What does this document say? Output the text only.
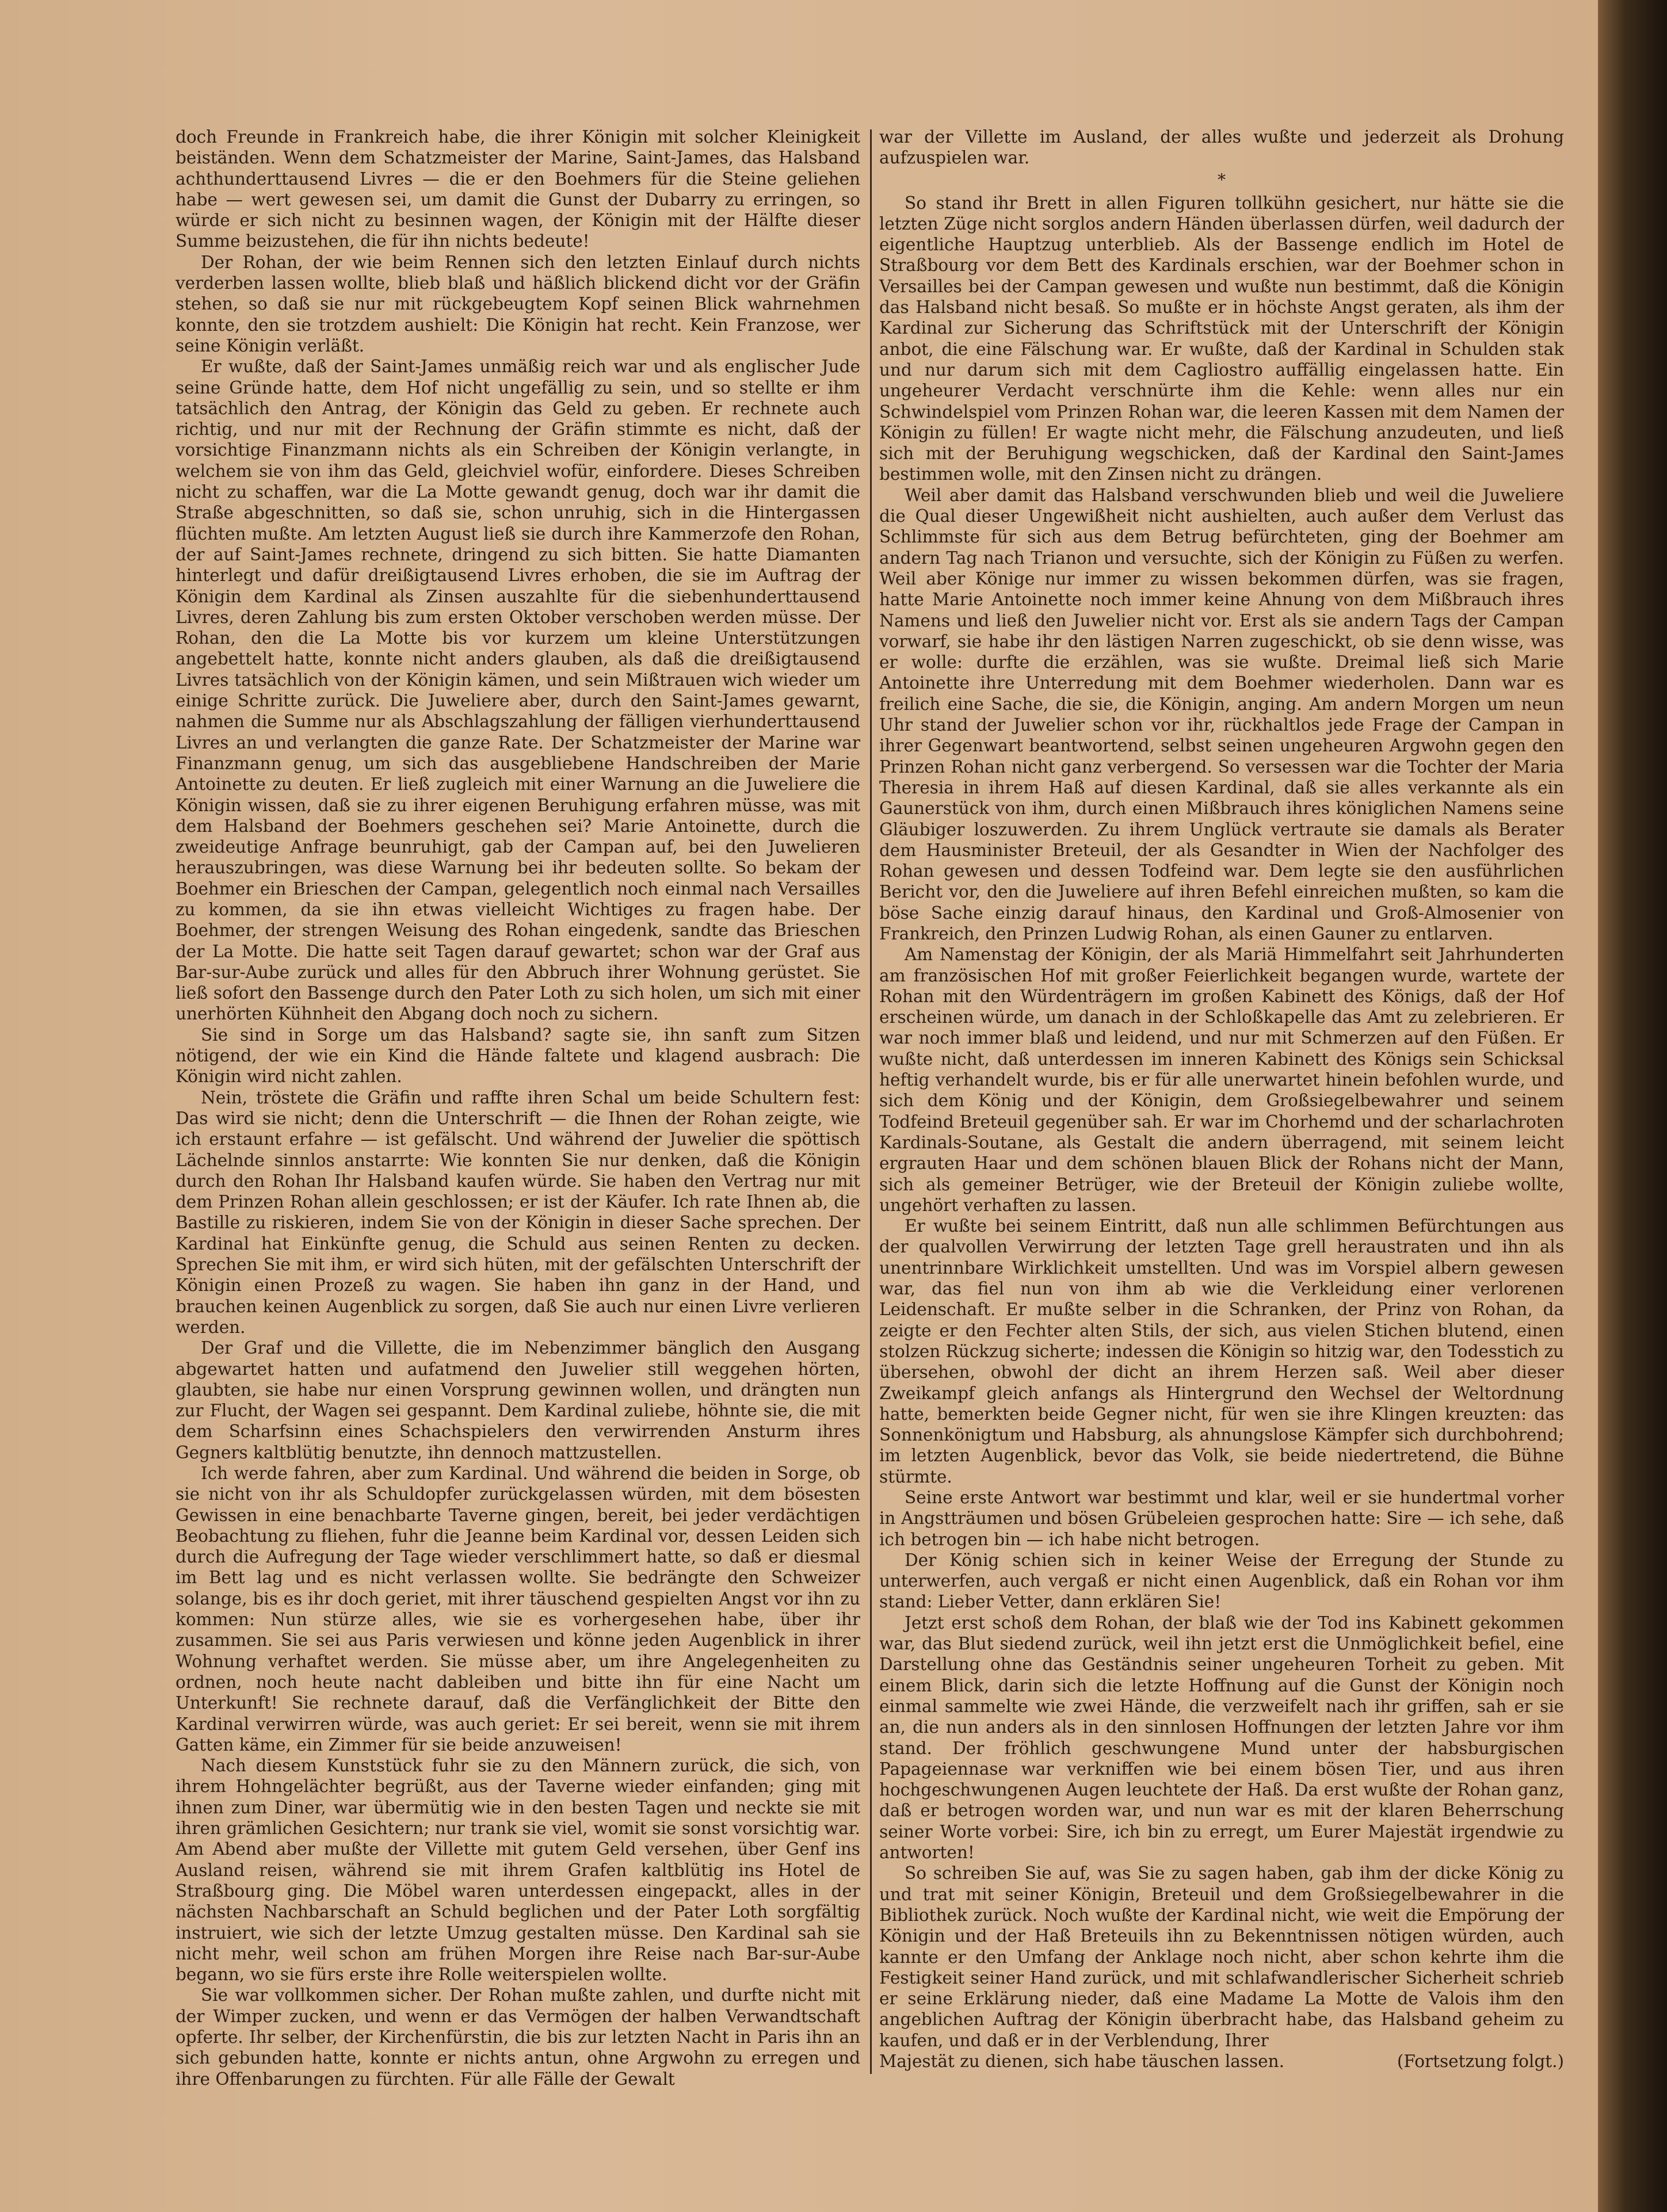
doch Freunde in Frankreich habe, die ihrer Königin mit solcher Kleinigkeit beiständen. Wenn dem Schatzmeister der Marine, Saint-James, das Halsband achthunderttausend Livres — die er den Boehmers für die Steine geliehen habe — wert gewesen sei, um damit die Gunst der Dubarry zu erringen, so würde er sich nicht zu besinnen wagen, der Königin mit der Hälfte dieser Summe beizustehen, die für ihn nichts bedeute!

Der Rohan, der wie beim Rennen sich den letzten Einlauf durch nichts verderben lassen wollte, blieb blaß und häßlich blickend dicht vor der Gräfin stehen, so daß sie nur mit rückgebeugtem Kopf seinen Blick wahrnehmen konnte, den sie trotzdem aushielt: Die Königin hat recht. Kein Franzose, wer seine Königin verläßt.

Er wußte, daß der Saint-James unmäßig reich war und als englischer Jude seine Gründe hatte, dem Hof nicht ungefällig zu sein, und so stellte er ihm tatsächlich den Antrag, der Königin das Geld zu geben. Er rechnete auch richtig, und nur mit der Rechnung der Gräfin stimmte es nicht, daß der vorsichtige Finanzmann nichts als ein Schreiben der Königin verlangte, in welchem sie von ihm das Geld, gleichviel wofür, einfordere. Dieses Schreiben nicht zu schaffen, war die La Motte gewandt genug, doch war ihr damit die Straße abgeschnitten, so daß sie, schon unruhig, sich in die Hintergassen flüchten mußte. Am letzten August ließ sie durch ihre Kammerzofe den Rohan, der auf Saint-James rechnete, dringend zu sich bitten. Sie hatte Diamanten hinterlegt und dafür dreißigtausend Livres erhoben, die sie im Auftrag der Königin dem Kardinal als Zinsen auszahlte für die siebenhunderttausend Livres, deren Zahlung bis zum ersten Oktober verschoben werden müsse. Der Rohan, den die La Motte bis vor kurzem um kleine Unterstützungen angebettelt hatte, konnte nicht anders glauben, als daß die dreißigtausend Livres tatsächlich von der Königin kämen, und sein Mißtrauen wich wieder um einige Schritte zurück. Die Juweliere aber, durch den Saint-James gewarnt, nahmen die Summe nur als Abschlagszahlung der fälligen vierhunderttausend Livres an und verlangten die ganze Rate. Der Schatzmeister der Marine war Finanzmann genug, um sich das ausgebliebene Handschreiben der Marie Antoinette zu deuten. Er ließ zugleich mit einer Warnung an die Juweliere die Königin wissen, daß sie zu ihrer eigenen Beruhigung erfahren müsse, was mit dem Halsband der Boehmers geschehen sei? Marie Antoinette, durch die zweideutige Anfrage beunruhigt, gab der Campan auf, bei den Juwelieren herauszubringen, was diese Warnung bei ihr bedeuten sollte. So bekam der Boehmer ein Brieschen der Campan, gelegentlich noch einmal nach Versailles zu kommen, da sie ihn etwas vielleicht Wichtiges zu fragen habe. Der Boehmer, der strengen Weisung des Rohan eingedenk, sandte das Brieschen der La Motte. Die hatte seit Tagen darauf gewartet; schon war der Graf aus Bar-sur-Aube zurück und alles für den Abbruch ihrer Wohnung gerüstet. Sie ließ sofort den Bassenge durch den Pater Loth zu sich holen, um sich mit einer unerhörten Kühnheit den Abgang doch noch zu sichern.

Sie sind in Sorge um das Halsband? sagte sie, ihn sanft zum Sitzen nötigend, der wie ein Kind die Hände faltete und klagend ausbrach: Die Königin wird nicht zahlen.

Nein, tröstete die Gräfin und raffte ihren Schal um beide Schultern fest: Das wird sie nicht; denn die Unterschrift — die Ihnen der Rohan zeigte, wie ich erstaunt erfahre — ist gefälscht. Und während der Juwelier die spöttisch Lächelnde sinnlos anstarrte: Wie konnten Sie nur denken, daß die Königin durch den Rohan Ihr Halsband kaufen würde. Sie haben den Vertrag nur mit dem Prinzen Rohan allein geschlossen; er ist der Käufer. Ich rate Ihnen ab, die Bastille zu riskieren, indem Sie von der Königin in dieser Sache sprechen. Der Kardinal hat Einkünfte genug, die Schuld aus seinen Renten zu decken. Sprechen Sie mit ihm, er wird sich hüten, mit der gefälschten Unterschrift der Königin einen Prozeß zu wagen. Sie haben ihn ganz in der Hand, und brauchen keinen Augenblick zu sorgen, daß Sie auch nur einen Livre verlieren werden.

Der Graf und die Villette, die im Nebenzimmer bänglich den Ausgang abgewartet hatten und aufatmend den Juwelier still weggehen hörten, glaubten, sie habe nur einen Vorsprung gewinnen wollen, und drängten nun zur Flucht, der Wagen sei gespannt. Dem Kardinal zuliebe, höhnte sie, die mit dem Scharfsinn eines Schachspielers den verwirrenden Ansturm ihres Gegners kaltblütig benutzte, ihn dennoch mattzustellen.

Ich werde fahren, aber zum Kardinal. Und während die beiden in Sorge, ob sie nicht von ihr als Schuldopfer zurückgelassen würden, mit dem bösesten Gewissen in eine benachbarte Taverne gingen, bereit, bei jeder verdächtigen Beobachtung zu fliehen, fuhr die Jeanne beim Kardinal vor, dessen Leiden sich durch die Aufregung der Tage wieder verschlimmert hatte, so daß er diesmal im Bett lag und es nicht verlassen wollte. Sie bedrängte den Schweizer solange, bis es ihr doch geriet, mit ihrer täuschend gespielten Angst vor ihn zu kommen: Nun stürze alles, wie sie es vorhergesehen habe, über ihr zusammen. Sie sei aus Paris verwiesen und könne jeden Augenblick in ihrer Wohnung verhaftet werden. Sie müsse aber, um ihre Angelegenheiten zu ordnen, noch heute nacht dableiben und bitte ihn für eine Nacht um Unterkunft! Sie rechnete darauf, daß die Verfänglichkeit der Bitte den Kardinal verwirren würde, was auch geriet: Er sei bereit, wenn sie mit ihrem Gatten käme, ein Zimmer für sie beide anzuweisen!

Nach diesem Kunststück fuhr sie zu den Männern zurück, die sich, von ihrem Hohngelächter begrüßt, aus der Taverne wieder einfanden; ging mit ihnen zum Diner, war übermütig wie in den besten Tagen und neckte sie mit ihren grämlichen Gesichtern; nur trank sie viel, womit sie sonst vorsichtig war. Am Abend aber mußte der Villette mit gutem Geld versehen, über Genf ins Ausland reisen, während sie mit ihrem Grafen kaltblütig ins Hotel de Straßbourg ging. Die Möbel waren unterdessen eingepackt, alles in der nächsten Nachbarschaft an Schuld beglichen und der Pater Loth sorgfältig instruiert, wie sich der letzte Umzug gestalten müsse. Den Kardinal sah sie nicht mehr, weil schon am frühen Morgen ihre Reise nach Bar-sur-Aube begann, wo sie fürs erste ihre Rolle weiterspielen wollte.

Sie war vollkommen sicher. Der Rohan mußte zahlen, und durfte nicht mit der Wimper zucken, und wenn er das Vermögen der halben Verwandtschaft opferte. Ihr selber, der Kirchenfürstin, die bis zur letzten Nacht in Paris ihn an sich gebunden hatte, konnte er nichts antun, ohne Argwohn zu erregen und ihre Offenbarungen zu fürchten. Für alle Fälle der Gewalt

war der Villette im Ausland, der alles wußte und jederzeit als Drohung aufzuspielen war.

*

So stand ihr Brett in allen Figuren tollkühn gesichert, nur hätte sie die letzten Züge nicht sorglos andern Händen überlassen dürfen, weil dadurch der eigentliche Hauptzug unterblieb. Als der Bassenge endlich im Hotel de Straßbourg vor dem Bett des Kardinals erschien, war der Boehmer schon in Versailles bei der Campan gewesen und wußte nun bestimmt, daß die Königin das Halsband nicht besaß. So mußte er in höchste Angst geraten, als ihm der Kardinal zur Sicherung das Schriftstück mit der Unterschrift der Königin anbot, die eine Fälschung war. Er wußte, daß der Kardinal in Schulden stak und nur darum sich mit dem Cagliostro auffällig eingelassen hatte. Ein ungeheurer Verdacht verschnürte ihm die Kehle: wenn alles nur ein Schwindelspiel vom Prinzen Rohan war, die leeren Kassen mit dem Namen der Königin zu füllen! Er wagte nicht mehr, die Fälschung anzudeuten, und ließ sich mit der Beruhigung wegschicken, daß der Kardinal den Saint-James bestimmen wolle, mit den Zinsen nicht zu drängen.

Weil aber damit das Halsband verschwunden blieb und weil die Juweliere die Qual dieser Ungewißheit nicht aushielten, auch außer dem Verlust das Schlimmste für sich aus dem Betrug befürchteten, ging der Boehmer am andern Tag nach Trianon und versuchte, sich der Königin zu Füßen zu werfen. Weil aber Könige nur immer zu wissen bekommen dürfen, was sie fragen, hatte Marie Antoinette noch immer keine Ahnung von dem Mißbrauch ihres Namens und ließ den Juwelier nicht vor. Erst als sie andern Tags der Campan vorwarf, sie habe ihr den lästigen Narren zugeschickt, ob sie denn wisse, was er wolle: durfte die erzählen, was sie wußte. Dreimal ließ sich Marie Antoinette ihre Unterredung mit dem Boehmer wiederholen. Dann war es freilich eine Sache, die sie, die Königin, anging. Am andern Morgen um neun Uhr stand der Juwelier schon vor ihr, rückhaltlos jede Frage der Campan in ihrer Gegenwart beantwortend, selbst seinen ungeheuren Argwohn gegen den Prinzen Rohan nicht ganz verbergend. So versessen war die Tochter der Maria Theresia in ihrem Haß auf diesen Kardinal, daß sie alles verkannte als ein Gaunerstück von ihm, durch einen Mißbrauch ihres königlichen Namens seine Gläubiger loszuwerden. Zu ihrem Unglück vertraute sie damals als Berater dem Hausminister Breteuil, der als Gesandter in Wien der Nachfolger des Rohan gewesen und dessen Todfeind war. Dem legte sie den ausführlichen Bericht vor, den die Juweliere auf ihren Befehl einreichen mußten, so kam die böse Sache einzig darauf hinaus, den Kardinal und Groß-Almosenier von Frankreich, den Prinzen Ludwig Rohan, als einen Gauner zu entlarven.

Am Namenstag der Königin, der als Mariä Himmelfahrt seit Jahrhunderten am französischen Hof mit großer Feierlichkeit begangen wurde, wartete der Rohan mit den Würdenträgern im großen Kabinett des Königs, daß der Hof erscheinen würde, um danach in der Schloßkapelle das Amt zu zelebrieren. Er war noch immer blaß und leidend, und nur mit Schmerzen auf den Füßen. Er wußte nicht, daß unterdessen im inneren Kabinett des Königs sein Schicksal heftig verhandelt wurde, bis er für alle unerwartet hinein befohlen wurde, und sich dem König und der Königin, dem Großsiegelbewahrer und seinem Todfeind Breteuil gegenüber sah. Er war im Chorhemd und der scharlachroten Kardinals-Soutane, als Gestalt die andern überragend, mit seinem leicht ergrauten Haar und dem schönen blauen Blick der Rohans nicht der Mann, sich als gemeiner Betrüger, wie der Breteuil der Königin zuliebe wollte, ungehört verhaften zu lassen.

Er wußte bei seinem Eintritt, daß nun alle schlimmen Befürchtungen aus der qualvollen Verwirrung der letzten Tage grell heraustraten und ihn als unentrinnbare Wirklichkeit umstellten. Und was im Vorspiel albern gewesen war, das fiel nun von ihm ab wie die Verkleidung einer verlorenen Leidenschaft. Er mußte selber in die Schranken, der Prinz von Rohan, da zeigte er den Fechter alten Stils, der sich, aus vielen Stichen blutend, einen stolzen Rückzug sicherte; indessen die Königin so hitzig war, den Todesstich zu übersehen, obwohl der dicht an ihrem Herzen saß. Weil aber dieser Zweikampf gleich anfangs als Hintergrund den Wechsel der Weltordnung hatte, bemerkten beide Gegner nicht, für wen sie ihre Klingen kreuzten: das Sonnenkönigtum und Habsburg, als ahnungslose Kämpfer sich durchbohrend; im letzten Augenblick, bevor das Volk, sie beide niedertretend, die Bühne stürmte.

Seine erste Antwort war bestimmt und klar, weil er sie hundertmal vorher in Angstträumen und bösen Grübeleien gesprochen hatte: Sire — ich sehe, daß ich betrogen bin — ich habe nicht betrogen.

Der König schien sich in keiner Weise der Erregung der Stunde zu unterwerfen, auch vergaß er nicht einen Augenblick, daß ein Rohan vor ihm stand: Lieber Vetter, dann erklären Sie!

Jetzt erst schoß dem Rohan, der blaß wie der Tod ins Kabinett gekommen war, das Blut siedend zurück, weil ihn jetzt erst die Unmöglichkeit befiel, eine Darstellung ohne das Geständnis seiner ungeheuren Torheit zu geben. Mit einem Blick, darin sich die letzte Hoffnung auf die Gunst der Königin noch einmal sammelte wie zwei Hände, die verzweifelt nach ihr griffen, sah er sie an, die nun anders als in den sinnlosen Hoffnungen der letzten Jahre vor ihm stand. Der fröhlich geschwungene Mund unter der habsburgischen Papageiennase war verkniffen wie bei einem bösen Tier, und aus ihren hochgeschwungenen Augen leuchtete der Haß. Da erst wußte der Rohan ganz, daß er betrogen worden war, und nun war es mit der klaren Beherrschung seiner Worte vorbei: Sire, ich bin zu erregt, um Eurer Majestät irgendwie zu antworten!

So schreiben Sie auf, was Sie zu sagen haben, gab ihm der dicke König zu und trat mit seiner Königin, Breteuil und dem Großsiegelbewahrer in die Bibliothek zurück. Noch wußte der Kardinal nicht, wie weit die Empörung der Königin und der Haß Breteuils ihn zu Bekenntnissen nötigen würden, auch kannte er den Umfang der Anklage noch nicht, aber schon kehrte ihm die Festigkeit seiner Hand zurück, und mit schlafwandlerischer Sicherheit schrieb er seine Erklärung nieder, daß eine Madame La Motte de Valois ihm den angeblichen Auftrag der Königin überbracht habe, das Halsband geheim zu kaufen, und daß er in der Verblendung, Ihrer

Majestät zu dienen, sich habe täuschen lassen.	(Fortsetzung folgt.)
